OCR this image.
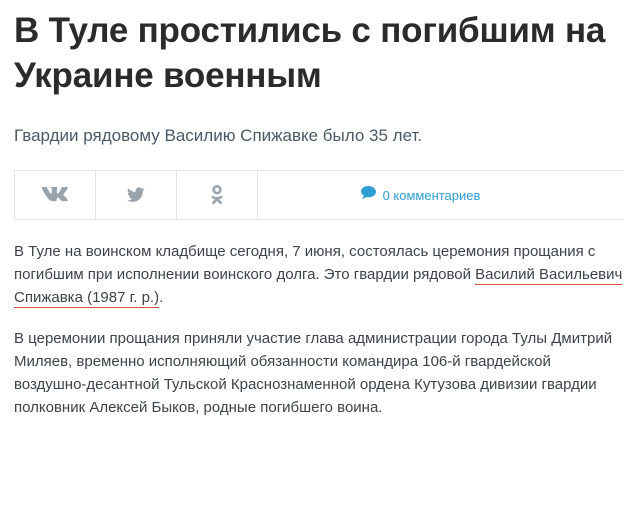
В Туле простились с погибшим на Украине военным

Гвардии рядовому Василию Спижавке было 35 лет.

0 комментариев

В Туле на воинском кладбище сегодня, 7 июня, состоялась церемония прощания с погибшим при исполнении воинского долга. Это гвардии рядовой Василий Васильевич Спижавка (1987 г. р.).

В церемонии прощания приняли участие глава администрации города Тулы Дмитрий Миляев, временно исполняющий обязанности командира 106-й гвардейской воздушно-десантной Тульской Краснознаменной ордена Кутузова дивизии гвардии полковник Алексей Быков, родные погибшего воина.
